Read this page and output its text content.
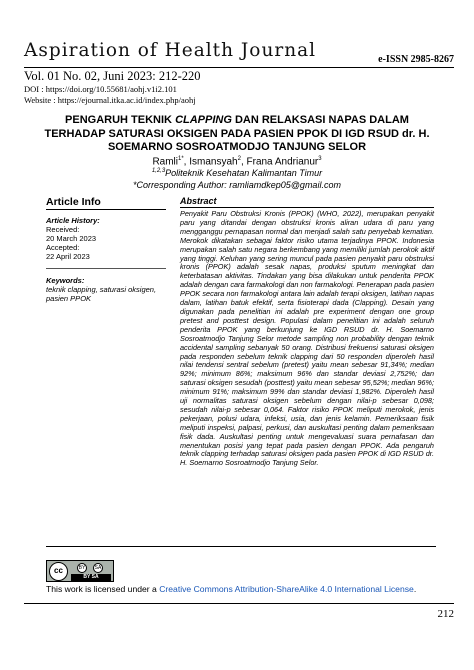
Aspiration of Health Journal	e-ISSN 2985-8267
Vol. 01 No. 02, Juni 2023: 212-220
DOI : https://doi.org/10.55681/aohj.v1i2.101
Website : https://ejournal.itka.ac.id/index.php/aohj
PENGARUH TEKNIK CLAPPING DAN RELAKSASI NAPAS DALAM TERHADAP SATURASI OKSIGEN PADA PASIEN PPOK DI IGD RSUD dr. H. SOEMARNO SOSROATMODJO TANJUNG SELOR
Ramli$^{1*}$, Ismansyah$^2$, Frana Andrianur$^3$
$^{1,2,3}$Politeknik Kesehatan Kalimantan Timur
*Corresponding Author: ramliamdkep05@gmail.com
Article Info
Article History:
Received:
20 March 2023
Accepted:
22 April 2023
Keywords:
teknik clapping, saturasi oksigen, pasien PPOK
Abstract
Penyakit Paru Obstruksi Kronis (PPOK) (WHO, 2022), merupakan penyakit paru yang ditandai dengan obstruksi kronis aliran udara di paru yang mengganggu pernapasan normal dan menjadi salah satu penyebab kematian. Merokok dikatakan sebagai faktor risiko utama terjadinya PPOK. Indonesia merupakan salah satu negara berkembang yang memiliki jumlah perokok aktif yang tinggi. Keluhan yang sering muncul pada pasien penyakit paru obstruksi kronis (PPOK) adalah sesak napas, produksi sputum meningkat dan keterbatasan aktivitas. Tindakan yang bisa dilakukan untuk penderita PPOK adalah dengan cara farmakologi dan non farmakologi. Penerapan pada pasien PPOK secara non farmakologi antara lain adalah terapi oksigen, latihan napas dalam, latihan batuk efektif, serta fisioterapi dada (Clapping). Desain yang digunakan pada penelitian ini adalah pre experiment dengan one group pretest and posttest design. Populasi dalam penelitian ini adalah seluruh penderita PPOK yang berkunjung ke IGD RSUD dr. H. Soemarno Sosroatmodjo Tanjung Selor metode sampling non probability dengan teknik accidental sampling sebanyak 50 orang. Distribusi frekuensi saturasi oksigen pada responden sebelum teknik clapping dari 50 responden diperoleh hasil nilai tendensi sentral sebelum (pretest) yaitu mean sebesar 91,34%; median 92%; minimum 86%; maksimum 96% dan standar deviasi 2,752%; dan saturasi oksigen sesudah (posttest) yaitu mean sebesar 95,52%; median 96%; minimum 91%; maksimum 99% dan standar deviasi 1,982%. Diperoleh hasil uji normalitas saturasi oksigen sebelum dengan nilai-p sebesar 0,098; sesudah nilai-p sebesar 0,064. Faktor risiko PPOK meliputi merokok, jenis pekerjaan, polusi udara, infeksi, usia, dan jenis kelamin. Pemeriksaan fisik meliputi inspeksi, palpasi, perkusi, dan auskultasi penting dalam pemeriksaan fisik dada. Auskultasi penting untuk mengevaluasi suara pernafasan dan menentukan posisi yang tepat pada pasien dengan PPOK. Ada pengaruh teknik clapping terhadap saturasi oksigen pada pasien PPOK di IGD RSUD dr. H. Soemarno Sosroatmodjo Tanjung Selor.
cc	BY	SA
BY SA
This work is licensed under a Creative Commons Attribution-ShareAlike 4.0 International License.
212
